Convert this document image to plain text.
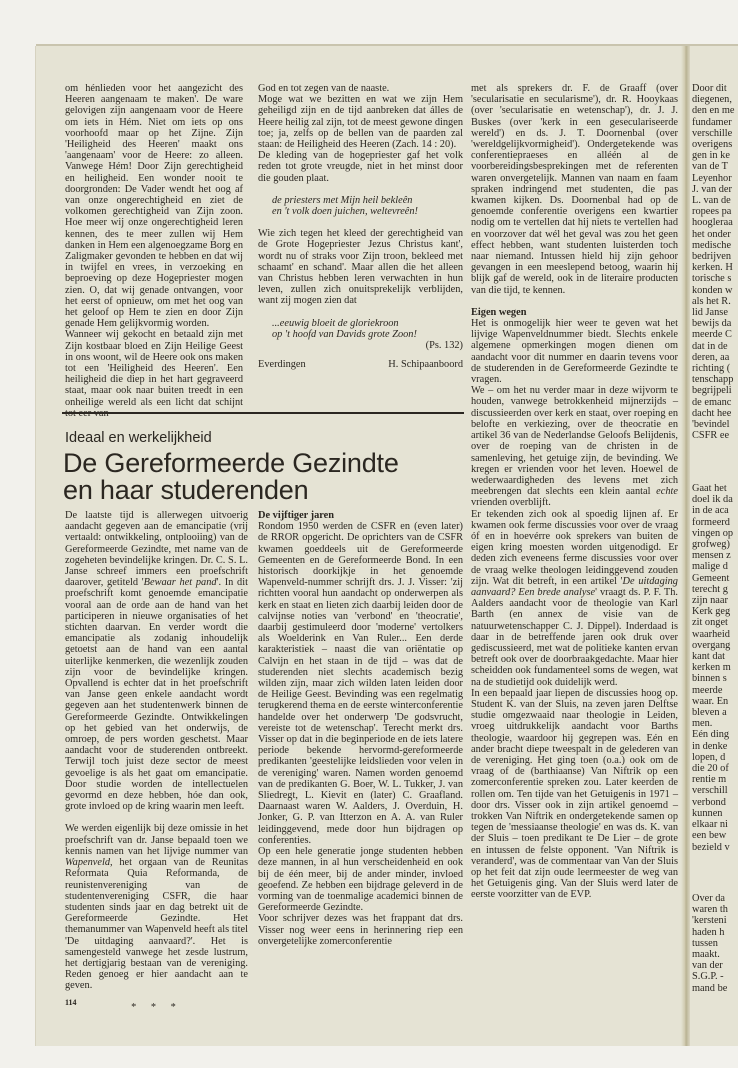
om hénlieden voor het aangezicht des Heeren aangenaam te maken'. De ware gelovigen zijn aangenaam voor de Heere om iets in Hém. Niet om iets op ons voorhoofd maar op het Zijne. Zijn 'Heiligheid des Heeren' maakt ons 'aangenaam' voor de Heere: zo alleen. Vanwege Hém! Door Zijn gerechtigheid en heiligheid. Een wonder nooit te doorgronden: De Vader wendt het oog af van onze ongerechtigheid en ziet de volkomen gerechtigheid van Zijn zoon. Hoe meer wij onze ongerechtigheid leren kennen, des te meer zullen wij Hem danken in Hem een algenoegzame Borg en Zaligmaker gevonden te hebben en dat wij in twijfel en vrees, in verzoeking en beproeving op deze Hogepriester mogen zien. O, dat wij genade ontvangen, voor het eerst of opnieuw, om met het oog van het geloof op Hem te zien en door Zijn genade Hem gelijkvormig worden.

Wanneer wij gekocht en betaald zijn met Zijn kostbaar bloed en Zijn Heilige Geest in ons woont, wil de Heere ook ons maken tot een 'Heiligheid des Heeren'. Een heiligheid die diep in het hart gegraveerd staat, maar ook naar buiten treedt in een onheilige wereld als een licht dat schijnt

God en tot zegen van de naaste.

Moge wat we bezitten en wat we zijn Hem geheiligd zijn en de tijd aanbreken dat álles de Heere heilig zal zijn, tot de meest gewone dingen toe; ja, zelfs op de bellen van de paarden zal staan: de Heiligheid des Heeren (Zach. 14 : 20).

De kleding van de hogepriester gaf het volk reden tot grote vreugde, niet in het minst door die gouden plaat.

de priesters met Mijn heil bekleên
en 't volk doen juichen, weltevreên!

Wie zich tegen het kleed der gerechtigheid van de Grote Hogepriester Jezus Christus kant', wordt nu of straks voor Zijn troon, bekleed met schaamt' en schand'. Maar allen die het alleen van Christus hebben leren verwachten in hun leven, zullen zich onuitsprekelijk verblijden, want zij mogen zien dat

...eeuwig bloeit de gloriekroon
op 't hoofd van Davids grote Zoon!
(Ps. 132)
Everdingen	H. Schipaanboord
Ideaal en werkelijkheid
De Gereformeerde Gezindte
en haar studerenden

De laatste tijd is allerwegen uitvoerig aandacht gegeven aan de emancipatie (vrij vertaald: ontwikkeling, ontplooiing) van de Gereformeerde Gezindte, met name van de zogeheten bevindelijke kringen. Dr. C. S. L. Janse schreef immers een proefschrift daarover, getiteld 'Bewaar het pand'. In dit proefschrift komt genoemde emancipatie vooral aan de orde aan de hand van het participeren in nieuwe organisaties of het stichten daarvan. En verder wordt die emancipatie als zodanig inhoudelijk getoetst aan de hand van een aantal uiterlijke kenmerken, die wezenlijk zouden zijn voor de bevindelijke kringen. Opvallend is echter dat in het proefschrift van Janse geen enkele aandacht wordt gegeven aan het studentenwerk binnen de Gereformeerde Gezindte. Ontwikkelingen op het gebied van het onderwijs, de omroep, de pers worden geschetst. Maar aandacht voor de studerenden ontbreekt. Terwijl toch juist deze sector de meest gevoelige is als het gaat om emancipatie. Door studie worden de intellectuelen gevormd en deze hebben, hóe dan ook, grote invloed op de kring waarin men leeft.

We werden eigenlijk bij deze omissie in het proefschrift van dr. Janse bepaald toen we kennis namen van het lijvige nummer van Wapenveld, het orgaan van de Reunitas Reformata Quia Reformanda, de reunistenvereniging van de studentenvereniging CSFR, die haar studenten sinds jaar en dag betrekt uit de Gereformeerde Gezindte. Het themanummer van Wapenveld heeft als titel 'De uitdaging aanvaard?'. Het is samengesteld vanwege het zesde lustrum, het dertigjarig bestaan van de vereniging. Reden genoeg er hier aandacht aan te geven.

* * *
De vijftiger jaren

Rondom 1950 werden de CSFR en (even later) de RROR opgericht. De oprichters van de CSFR kwamen goeddeels uit de Gereformeerde Gemeenten en de Gereformeerde Bond. In een historisch doorkijkje in het genoemde Wapenveld-nummer schrijft drs. J. J. Visser: 'zij richtten vooral hun aandacht op onderwerpen als kerk en staat en lieten zich daarbij leiden door de calvijnse noties van 'verbond' en 'theocratie', daarbij gestimuleerd door 'moderne' vertolkers als Woelderink en Van Ruler... Een derde karakteristiek – naast die van oriëntatie op Calvijn en het staan in de tijd – was dat de studerenden niet slechts academisch bezig wilden zijn, maar zich wilden laten leiden door de Heilige Geest. Bevinding was een regelmatig terugkerend thema en de eerste winterconferentie handelde over het onderwerp 'De godsvrucht, vereiste tot de wetenschap'. Terecht merkt drs. Visser op dat in die beginperiode en de iets latere periode bekende hervormd-gereformeerde predikanten 'geestelijke leidslieden voor velen in de vereniging' waren. Namen worden genoemd van de predikanten G. Boer, W. L. Tukker, J. van Sliedregt, L. Kievit en (later) C. Graafland. Daarnaast waren W. Aalders, J. Overduin, H. Jonker, G. P. van Itterzon en A. A. van Ruler leidinggevend, mede door hun bijdragen op conferenties.

Op een hele generatie jonge studenten hebben deze mannen, in al hun verscheidenheid en ook bij de één meer, bij de ander minder, invloed geoefend. Ze hebben een bijdrage geleverd in de vorming van de toenmalige academici binnen de Gereformeerde Gezindte.

Voor schrijver dezes was het frappant dat drs. Visser nog weer eens in herinnering riep een onvergetelijke zomerconferentie

met als sprekers dr. F. de Graaff (over 'secularisatie en secularisme'), dr. R. Hooykaas (over 'secularisatie en wetenschap'), dr. J. J. Buskes (over 'kerk in een geseculariseerde wereld') en ds. J. T. Doornenbal (over 'wereldgelijkvormigheid'). Ondergetekende was conferentiepraeses en alléén al de voorbereidingsbesprekingen met de referenten waren onvergetelijk. Mannen van naam en faam spraken indringend met studenten, die pas kwamen kijken. Ds. Doornenbal had op de genoemde conferentie overigens een kwartier nodig om te vertellen dat hij niets te vertellen had en voorzover dat wél het geval was zou het geen effect hebben, want studenten luisterden toch naar niemand. Intussen hield hij zijn gehoor gevangen in een meeslepend betoog, waarin hij blijk gaf de wereld, ook in de literaire producten van die tijd, te kennen.

Eigen wegen

Het is onmogelijk hier weer te geven wat het lijvige Wapenveldnummer biedt. Slechts enkele algemene opmerkingen mogen dienen om aandacht voor dit nummer en daarin tevens voor de studerenden in de Gereformeerde Gezindte te vragen.

We – om het nu verder maar in deze wijvorm te houden, vanwege betrokkenheid mijnerzijds – discussieerden over kerk en staat, over roeping en belofte en verkiezing, over de theocratie en artikel 36 van de Nederlandse Geloofs Belijdenis, over de roeping van de christen in de samenleving, het getuige zijn, de bevinding. We kregen er vrienden voor het leven. Hoewel de wederwaardigheden des levens met zich meebrengen dat slechts een klein aantal echte vrienden overblijft.

Er tekenden zich ook al spoedig lijnen af. Er kwamen ook ferme discussies voor over de vraag óf en in hoevérre ook sprekers van buiten de eigen kring moesten worden uitgenodigd. Er deden zich eveneens ferme discussies voor over de vraag welke theologen leidinggevend zouden zijn. Wat dit betreft, in een artikel 'De uitdaging aanvaard? Een brede analyse' vraagt ds. P. F. Th. Aalders aandacht voor de theologie van Karl Barth (en annex de visie van de natuurwetenschapper C. J. Dippel). Inderdaad is daar in de betreffende jaren ook druk over gediscussieerd, met wat de politieke kanten ervan betreft ook over de doorbraakgedachte. Maar hier scheidden ook fundamenteel soms de wegen, wat na de studietijd ook duidelijk werd.

In een bepaald jaar liepen de discussies hoog op. Student K. van der Sluis, na zeven jaren Delftse studie omgezwaaid naar theologie in Leiden, vroeg uitdrukkelijk aandacht voor Barths theologie, waardoor hij gegrepen was. Eén en ander bracht diepe tweespalt in de gelederen van de vereniging. Het ging toen (o.a.) ook om de vraag of de (barthiaanse) Van Niftrik op een zomerconferentie spreken zou. Later keerden de rollen om. Ten tijde van het Getuigenis in 1971 – door drs. Visser ook in zijn artikel genoemd – trokken Van Niftrik en ondergetekende samen op tegen de 'messiaanse theologie' en was ds. K. van der Sluis – toen predikant te De Lier – de grote en intussen de felste opponent. 'Van Niftrik is veranderd', was de commentaar van Van der Sluis op het feit dat zijn oude leermeester de weg van het Getuigenis ging. Van der Sluis werd later de eerste voorzitter van de EVP.

Door dit
diegenen,
den en me
fundamer
verschille
overigens
gen in ke
van de T
Leyenhor
J. van der
L. van de
ropees pa
hoogleraa
het onder
medische
bedrijven
kerken. H
torische s
konden w
als het R.
lid Janse
bewijs da
meerde C
dat in de
deren, aa
richting (
tenschapp
begrijpeli
de emanc
dacht hee
'bevindel
CSFR ee
Gaat het
doel ik da
in de aca
formeerd
vingen op
grofweg)
mensen z
malige d
Gemeent
terecht g
zijn naar
Kerk geg
zit onget
waarheid
overgang
kant dat
kerken m
binnen s
meerde
waar. En
bleven a
men.
Eén ding
in denke
lopen, d
die 20 of
rentie m
verschill
verbond
kunnen
elkaar ni
een bew
bezield v
Over da
waren th
'kersteni
haden h
tussen
maakt.
van der
S.G.P. -
mand be
114
